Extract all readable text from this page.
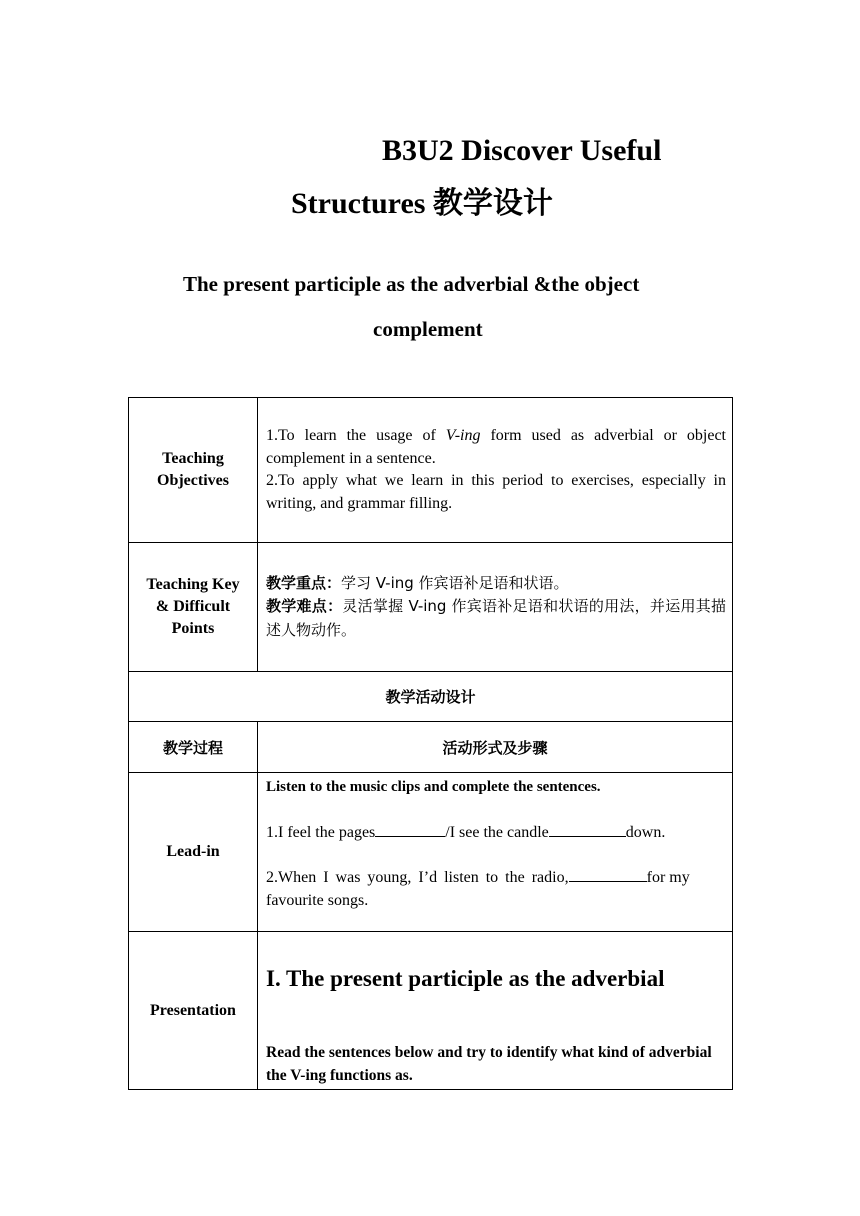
B3U2 Discover Useful
Structures 教学设计
The present participle as the adverbial &the object
complement
Teaching Objectives	1.To learn the usage of V-ing form used as adverbial or object complement in a sentence.
2.To apply what we learn in this period to exercises, especially in writing, and grammar filling.

Teaching Key & Difficult Points	教学重点：学习 V-ing 作宾语补足语和状语。
教学难点：灵活掌握 V-ing 作宾语补足语和状语的用法，并运用其描述人物动作。

教学活动设计	
教学过程	活动形式及步骤
Lead-in	Listen to the music clips and complete the sentences.
1.I feel the pages /I see the candle down.
2.When I was young, I’d listen to the radio, for my favourite songs.

Presentation	I. The present participle as the adverbial
Read the sentences below and try to identify what kind of adverbial the V-ing functions as.
